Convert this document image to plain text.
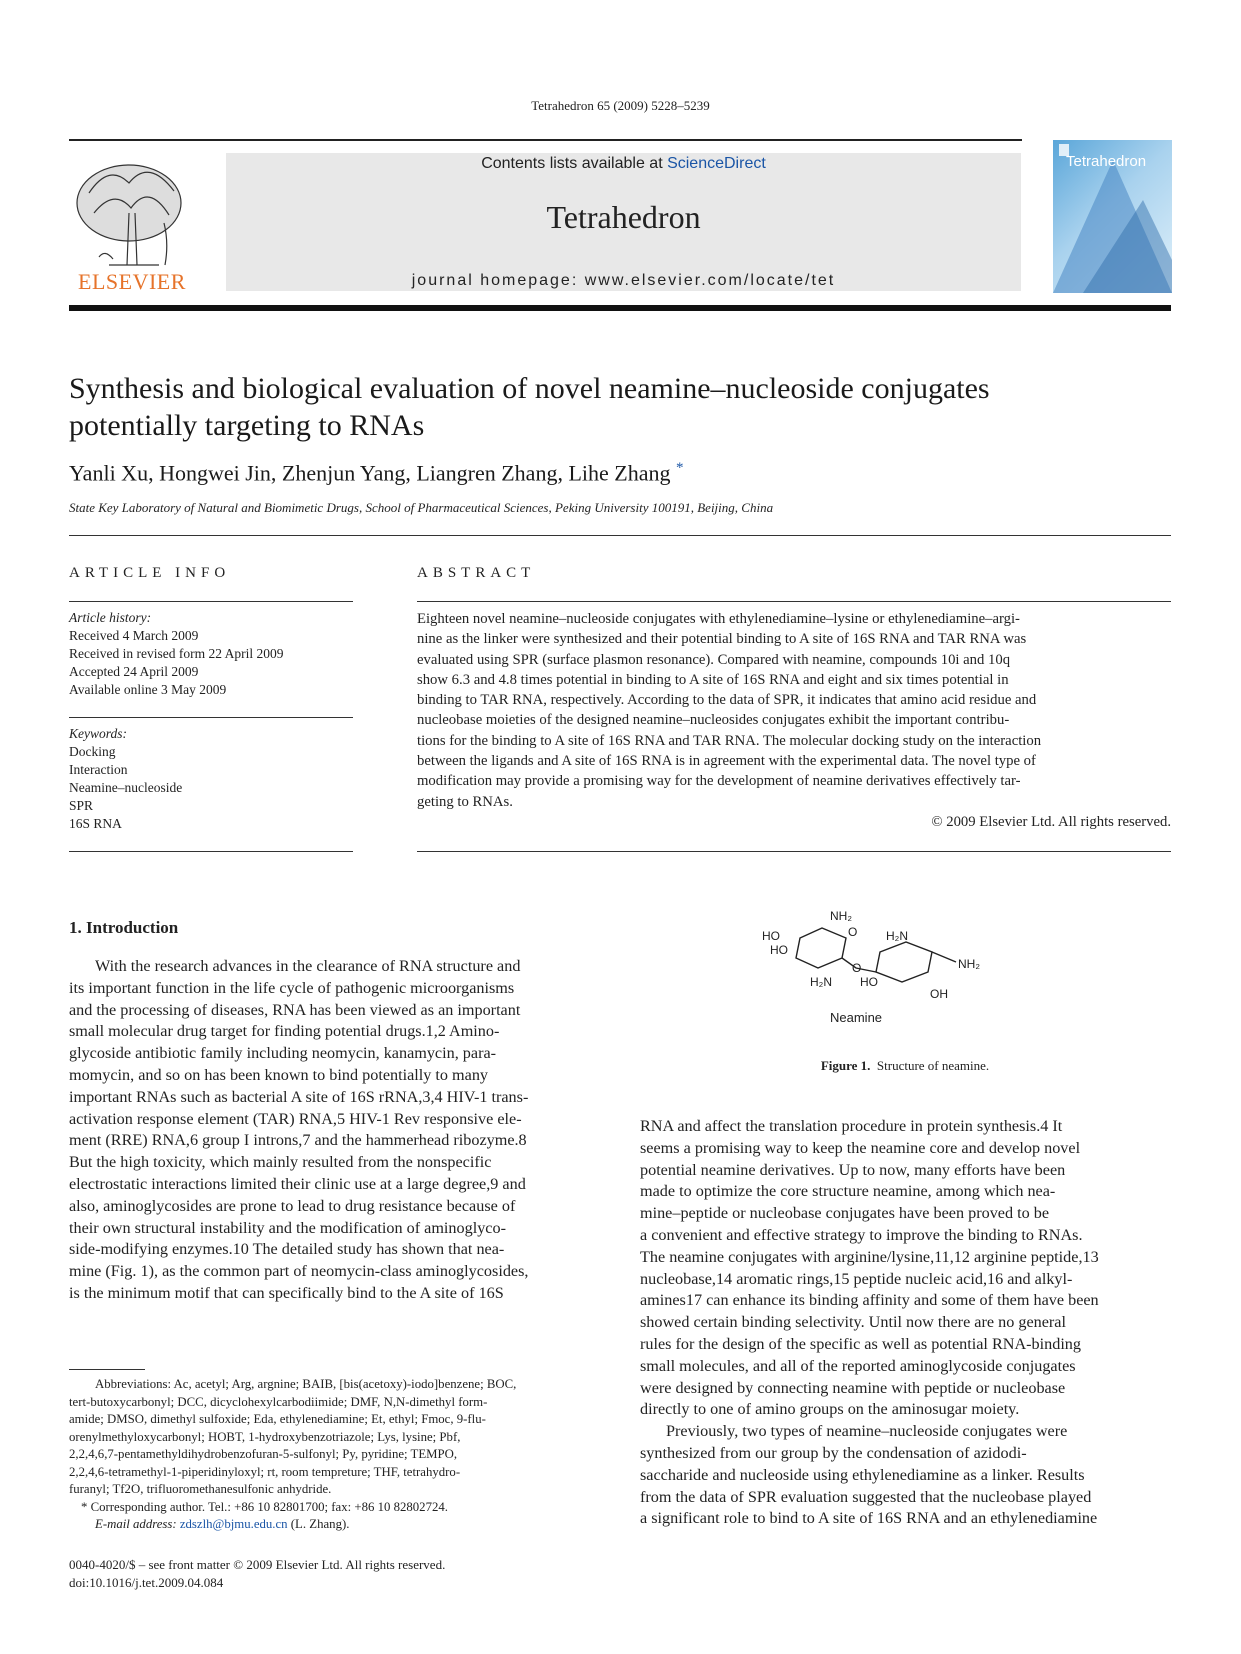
Tetrahedron 65 (2009) 5228–5239
ELSEVIER
Contents lists available at ScienceDirect
Tetrahedron
journal homepage: www.elsevier.com/locate/tet
Tetrahedron
Synthesis and biological evaluation of novel neamine–nucleoside conjugates
potentially targeting to RNAs
Yanli Xu, Hongwei Jin, Zhenjun Yang, Liangren Zhang, Lihe Zhang *
State Key Laboratory of Natural and Biomimetic Drugs, School of Pharmaceutical Sciences, Peking University 100191, Beijing, China
ARTICLE INFO
Article history:
Received 4 March 2009
Received in revised form 22 April 2009
Accepted 24 April 2009
Available online 3 May 2009
Keywords:
Docking
Interaction
Neamine–nucleoside
SPR
16S RNA
ABSTRACT
Eighteen novel neamine–nucleoside conjugates with ethylenediamine–lysine or ethylenediamine–argi-
nine as the linker were synthesized and their potential binding to A site of 16S RNA and TAR RNA was
evaluated using SPR (surface plasmon resonance). Compared with neamine, compounds 10i and 10q
show 6.3 and 4.8 times potential in binding to A site of 16S RNA and eight and six times potential in
binding to TAR RNA, respectively. According to the data of SPR, it indicates that amino acid residue and
nucleobase moieties of the designed neamine–nucleosides conjugates exhibit the important contribu-
tions for the binding to A site of 16S RNA and TAR RNA. The molecular docking study on the interaction
between the ligands and A site of 16S RNA is in agreement with the experimental data. The novel type of
modification may provide a promising way for the development of neamine derivatives effectively tar-
geting to RNAs.
© 2009 Elsevier Ltd. All rights reserved.
1. Introduction
With the research advances in the clearance of RNA structure and
its important function in the life cycle of pathogenic microorganisms
and the processing of diseases, RNA has been viewed as an important
small molecular drug target for finding potential drugs.1,2 Amino-
glycoside antibiotic family including neomycin, kanamycin, para-
momycin, and so on has been known to bind potentially to many
important RNAs such as bacterial A site of 16S rRNA,3,4 HIV-1 trans-
activation response element (TAR) RNA,5 HIV-1 Rev responsive ele-
ment (RRE) RNA,6 group I introns,7 and the hammerhead ribozyme.8
But the high toxicity, which mainly resulted from the nonspecific
electrostatic interactions limited their clinic use at a large degree,9 and
also, aminoglycosides are prone to lead to drug resistance because of
their own structural instability and the modification of aminoglyco-
side-modifying enzymes.10 The detailed study has shown that nea-
mine (Fig. 1), as the common part of neomycin-class aminoglycosides,
is the minimum motif that can specifically bind to the A site of 16S
HO
HO
NH₂
O
H₂N
O
H₂N
NH₂
HO
OH
Neamine
Figure 1. Structure of neamine.
RNA and affect the translation procedure in protein synthesis.4 It
seems a promising way to keep the neamine core and develop novel
potential neamine derivatives. Up to now, many efforts have been
made to optimize the core structure neamine, among which nea-
mine–peptide or nucleobase conjugates have been proved to be
a convenient and effective strategy to improve the binding to RNAs.
The neamine conjugates with arginine/lysine,11,12 arginine peptide,13
nucleobase,14 aromatic rings,15 peptide nucleic acid,16 and alkyl-
amines17 can enhance its binding affinity and some of them have been
showed certain binding selectivity. Until now there are no general
rules for the design of the specific as well as potential RNA-binding
small molecules, and all of the reported aminoglycoside conjugates
were designed by connecting neamine with peptide or nucleobase
directly to one of amino groups on the aminosugar moiety.
Previously, two types of neamine–nucleoside conjugates were
synthesized from our group by the condensation of azidodi-
saccharide and nucleoside using ethylenediamine as a linker. Results
from the data of SPR evaluation suggested that the nucleobase played
a significant role to bind to A site of 16S RNA and an ethylenediamine
Abbreviations: Ac, acetyl; Arg, argnine; BAIB, [bis(acetoxy)-iodo]benzene; BOC,
tert-butoxycarbonyl; DCC, dicyclohexylcarbodiimide; DMF, N,N-dimethyl form-
amide; DMSO, dimethyl sulfoxide; Eda, ethylenediamine; Et, ethyl; Fmoc, 9-flu-
orenylmethyloxycarbonyl; HOBT, 1-hydroxybenzotriazole; Lys, lysine; Pbf,
2,2,4,6,7-pentamethyldihydrobenzofuran-5-sulfonyl; Py, pyridine; TEMPO,
2,2,4,6-tetramethyl-1-piperidinyloxyl; rt, room tempreture; THF, tetrahydro-
furanyl; Tf2O, trifluoromethanesulfonic anhydride.
* Corresponding author. Tel.: +86 10 82801700; fax: +86 10 82802724.
E-mail address: zdszlh@bjmu.edu.cn (L. Zhang).
0040-4020/$ – see front matter © 2009 Elsevier Ltd. All rights reserved.
doi:10.1016/j.tet.2009.04.084
